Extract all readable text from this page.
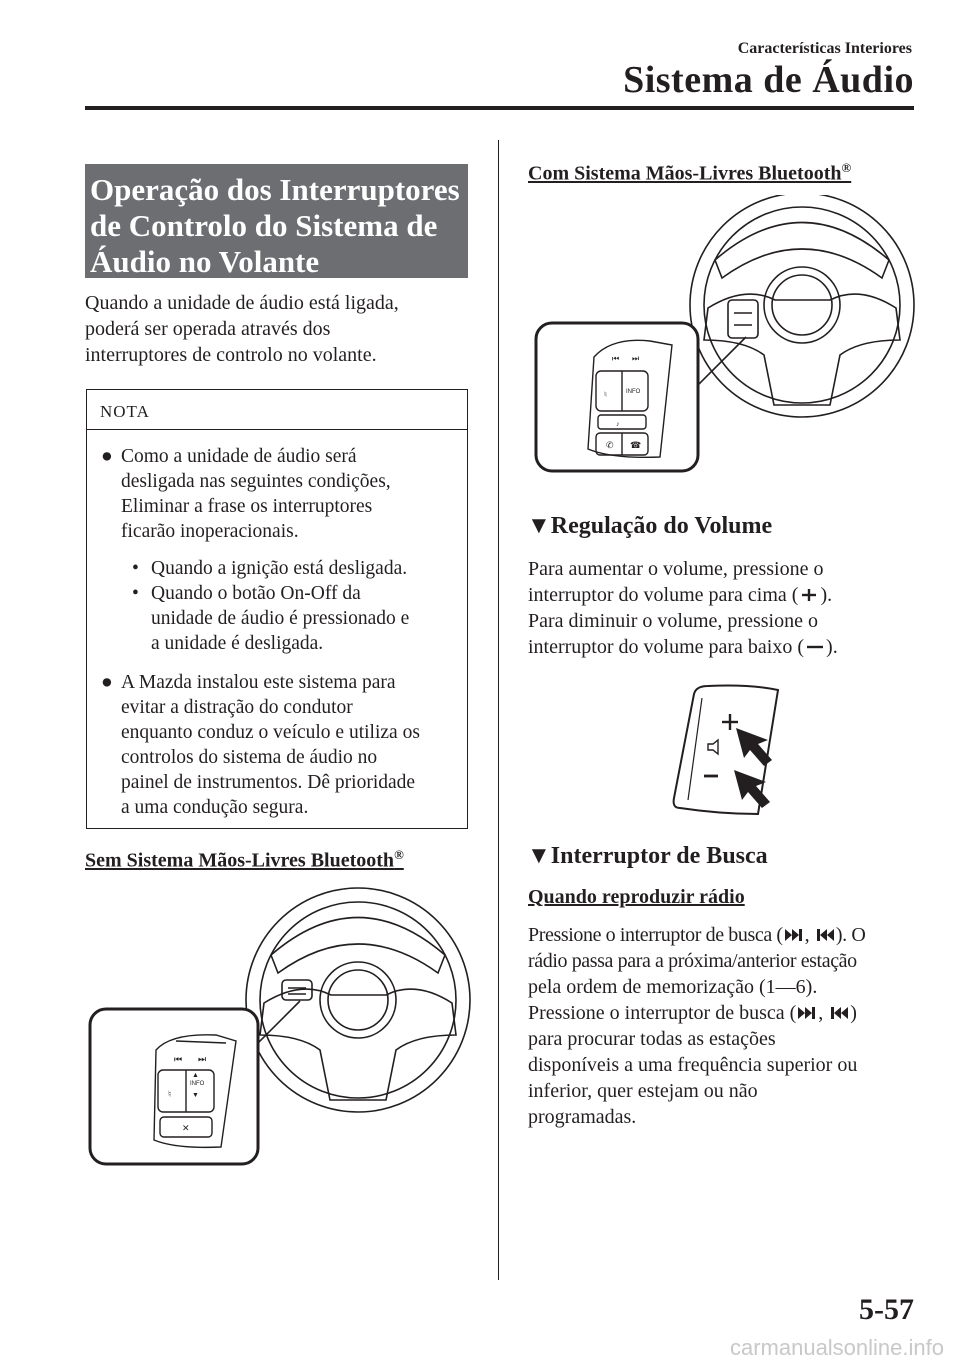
Características Interiores
Sistema de Áudio
Operação dos Interruptores
de Controlo do Sistema de
Áudio no Volante
Quando a unidade de áudio está ligada,
poderá ser operada através dos
interruptores de controlo no volante.
NOTA
● Como a unidade de áudio será
desligada nas seguintes condições,
Eliminar a frase os interruptores
ficarão inoperacionais.
• Quando a ignição está desligada.
• Quando o botão On-Off da
unidade de áudio é pressionado e
a unidade é desligada.
● A Mazda instalou este sistema para
evitar a distração do condutor
enquanto conduz o veículo e utiliza os
controlos do sistema de áudio no
painel de instrumentos. Dê prioridade
a uma condução segura.
Sem Sistema Mãos-Livres Bluetooth®
⏮ ⏭
♮
INFO
▲
▼
✕
Com Sistema Mãos-Livres Bluetooth®
⏮ ⏭
♮	INFO
♪
✆ ☎
▼Regulação do Volume
Para aumentar o volume, pressione o
interruptor do volume para cima ( ).
Para diminuir o volume, pressione o
interruptor do volume para baixo ( ).
▼Interruptor de Busca
Quando reproduzir rádio
Pressione o interruptor de busca ( ,
). O
rádio passa para a próxima/anterior estação
pela ordem de memorização (1—6).
Pressione o interruptor de busca ( ,
)
para procurar todas as estações
disponíveis a uma frequência superior ou
inferior, quer estejam ou não
programadas.
5-57
carmanualsonline.info
